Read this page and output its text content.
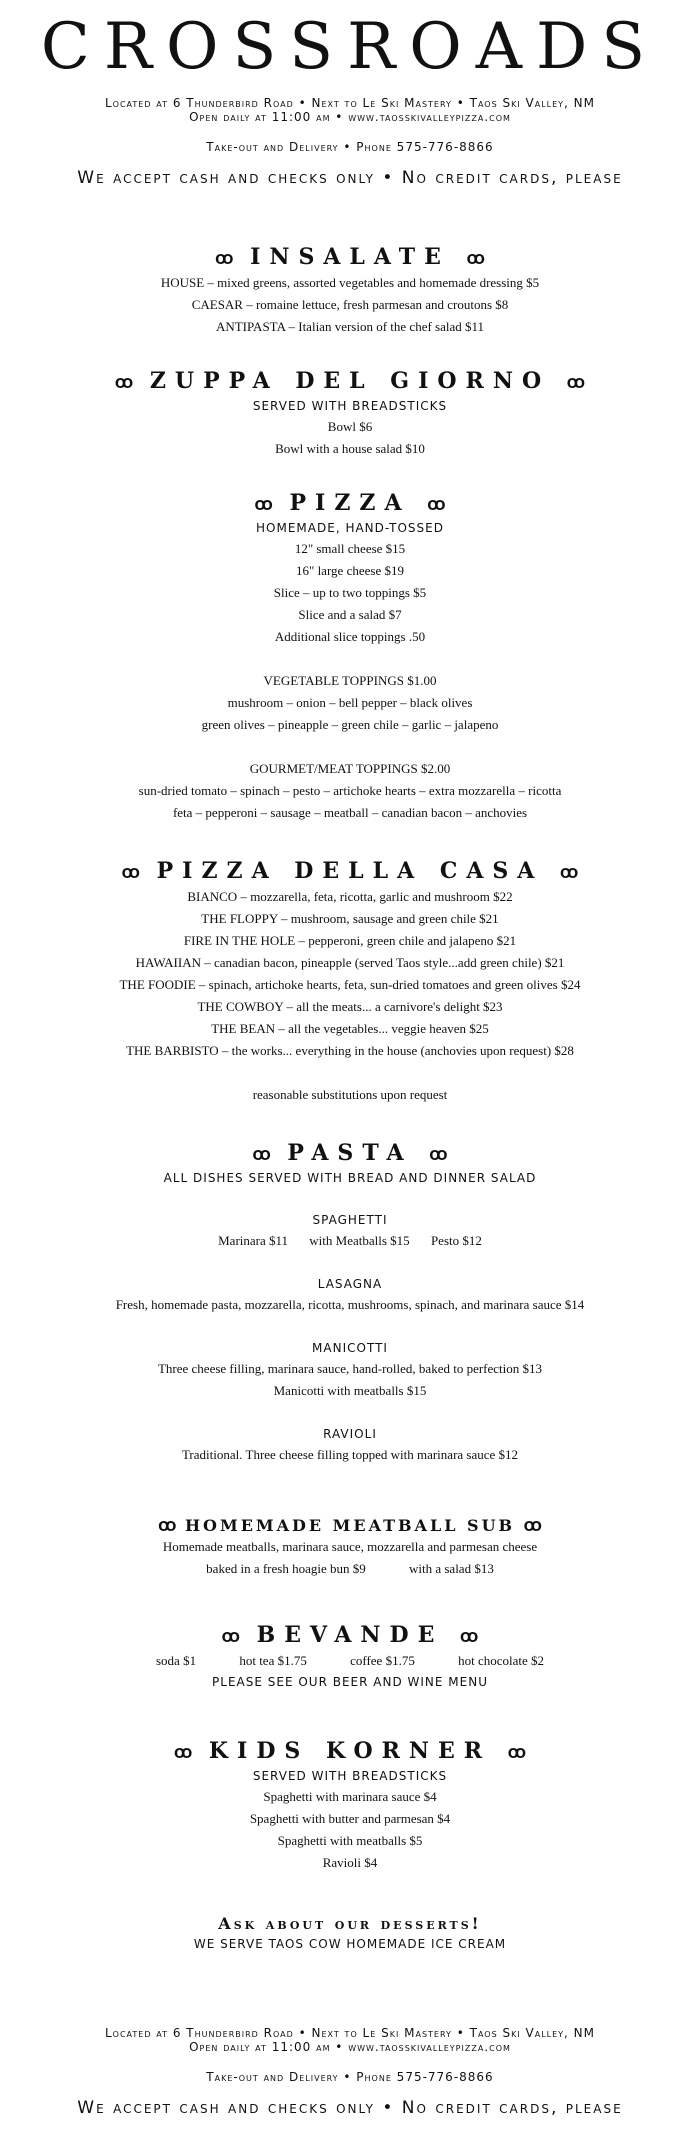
CROSSROADS
Located at 6 Thunderbird Road • Next to Le Ski Mastery • Taos Ski Valley, NM
Open daily at 11:00 am • www.taosskivalleypizza.com
Take-out and Delivery • Phone 575-776-8866
We accept cash and checks only • No credit cards, please
ꝏ INSALATE ꝏ
HOUSE – mixed greens, assorted vegetables and homemade dressing $5
CAESAR – romaine lettuce, fresh parmesan and croutons $8
ANTIPASTA – Italian version of the chef salad $11
ꝏ ZUPPA DEL GIORNO ꝏ
SERVED WITH BREADSTICKS
Bowl $6
Bowl with a house salad $10
ꝏ PIZZA ꝏ
HOMEMADE, HAND-TOSSED
12" small cheese $15
16" large cheese $19
Slice – up to two toppings $5
Slice and a salad $7
Additional slice toppings .50
VEGETABLE TOPPINGS $1.00
mushroom – onion – bell pepper – black olives
green olives – pineapple – green chile – garlic – jalapeno
GOURMET/MEAT TOPPINGS $2.00
sun-dried tomato – spinach – pesto – artichoke hearts – extra mozzarella – ricotta
feta – pepperoni – sausage – meatball – canadian bacon – anchovies
ꝏ PIZZA DELLA CASA ꝏ
BIANCO – mozzarella, feta, ricotta, garlic and mushroom $22
THE FLOPPY – mushroom, sausage and green chile $21
FIRE IN THE HOLE – pepperoni, green chile and jalapeno $21
HAWAIIAN – canadian bacon, pineapple (served Taos style...add green chile) $21
THE FOODIE – spinach, artichoke hearts, feta, sun-dried tomatoes and green olives $24
THE COWBOY – all the meats... a carnivore's delight $23
THE BEAN – all the vegetables... veggie heaven $25
THE BARBISTO – the works... everything in the house (anchovies upon request) $28
reasonable substitutions upon request
ꝏ PASTA ꝏ
ALL DISHES SERVED WITH BREAD AND DINNER SALAD
SPAGHETTI
Marinara $11 with Meatballs $15 Pesto $12
LASAGNA
Fresh, homemade pasta, mozzarella, ricotta, mushrooms, spinach, and marinara sauce $14
MANICOTTI
Three cheese filling, marinara sauce, hand-rolled, baked to perfection $13
Manicotti with meatballs $15
RAVIOLI
Traditional. Three cheese filling topped with marinara sauce $12
ꝏ HOMEMADE MEATBALL SUB ꝏ
Homemade meatballs, marinara sauce, mozzarella and parmesan cheese
baked in a fresh hoagie bun $9	with a salad $13
ꝏ BEVANDE ꝏ
soda $1	hot tea $1.75	coffee $1.75	hot chocolate $2
PLEASE SEE OUR BEER AND WINE MENU
ꝏ KIDS KORNER ꝏ
SERVED WITH BREADSTICKS
Spaghetti with marinara sauce $4
Spaghetti with butter and parmesan $4
Spaghetti with meatballs $5
Ravioli $4
Ask about our desserts!
WE SERVE TAOS COW HOMEMADE ICE CREAM
Located at 6 Thunderbird Road • Next to Le Ski Mastery • Taos Ski Valley, NM
Open daily at 11:00 am • www.taosskivalleypizza.com
Take-out and Delivery • Phone 575-776-8866
We accept cash and checks only • No credit cards, please
